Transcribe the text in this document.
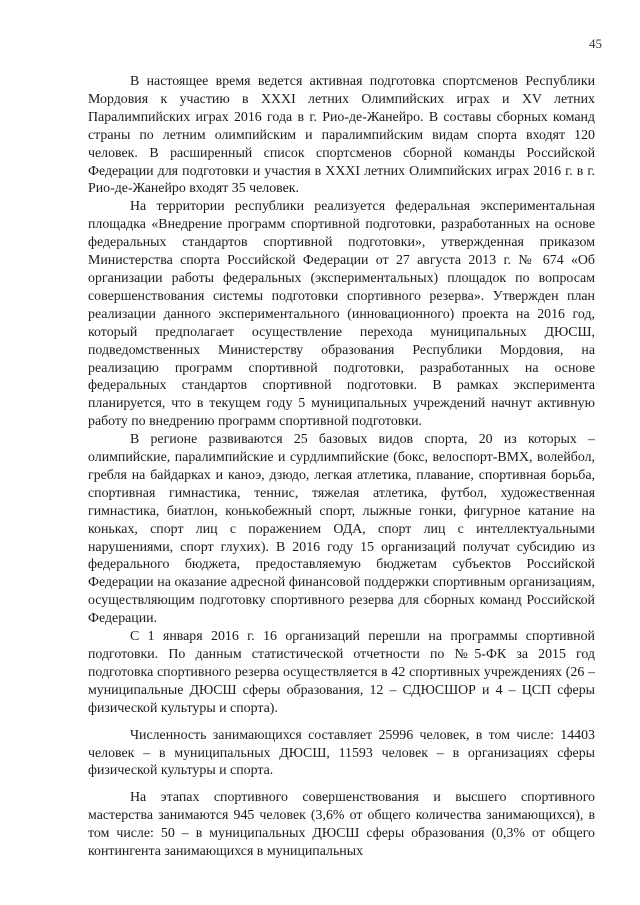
45

В настоящее время ведется активная подготовка спортсменов Республики Мордовия к участию в XXXI летних Олимпийских играх и XV летних Паралимпийских играх 2016 года в г. Рио-де-Жанейро. В составы сборных команд страны по летним олимпийским и паралимпийским видам спорта входят 120 человек. В расширенный список спортсменов сборной команды Российской Федерации для подготовки и участия в XXXI летних Олимпийских играх 2016 г. в г. Рио-де-Жанейро входят 35 человек.

На территории республики реализуется федеральная экспериментальная площадка «Внедрение программ спортивной подготовки, разработанных на основе федеральных стандартов спортивной подготовки», утвержденная приказом Министерства спорта Российской Федерации от 27 августа 2013 г. № 674 «Об организации работы федеральных (экспериментальных) площадок по вопросам совершенствования системы подготовки спортивного резерва». Утвержден план реализации данного экспериментального (инновационного) проекта на 2016 год, который предполагает осуществление перехода муниципальных ДЮСШ, подведомственных Министерству образования Республики Мордовия, на реализацию программ спортивной подготовки, разработанных на основе федеральных стандартов спортивной подготовки. В рамках эксперимента планируется, что в текущем году 5 муниципальных учреждений начнут активную работу по внедрению программ спортивной подготовки.

В регионе развиваются 25 базовых видов спорта, 20 из которых – олимпийские, паралимпийские и сурдлимпийские (бокс, велоспорт-BMX, волейбол, гребля на байдарках и каноэ, дзюдо, легкая атлетика, плавание, спортивная борьба, спортивная гимнастика, теннис, тяжелая атлетика, футбол, художественная гимнастика, биатлон, конькобежный спорт, лыжные гонки, фигурное катание на коньках, спорт лиц с поражением ОДА, спорт лиц с интеллектуальными нарушениями, спорт глухих). В 2016 году 15 организаций получат субсидию из федерального бюджета, предоставляемую бюджетам субъектов Российской Федерации на оказание адресной финансовой поддержки спортивным организациям, осуществляющим подготовку спортивного резерва для сборных команд Российской Федерации.

С 1 января 2016 г. 16 организаций перешли на программы спортивной подготовки. По данным статистической отчетности по №5-ФК за 2015 год подготовка спортивного резерва осуществляется в 42 спортивных учреждениях (26 – муниципальные ДЮСШ сферы образования, 12 – СДЮСШОР и 4 – ЦСП сферы физической культуры и спорта).

Численность занимающихся составляет 25996 человек, в том числе: 14403 человек – в муниципальных ДЮСШ, 11593 человек – в организациях сферы физической культуры и спорта.

На этапах спортивного совершенствования и высшего спортивного мастерства занимаются 945 человек (3,6% от общего количества занимающихся), в том числе: 50 – в муниципальных ДЮСШ сферы образования (0,3% от общего контингента занимающихся в муниципальных
